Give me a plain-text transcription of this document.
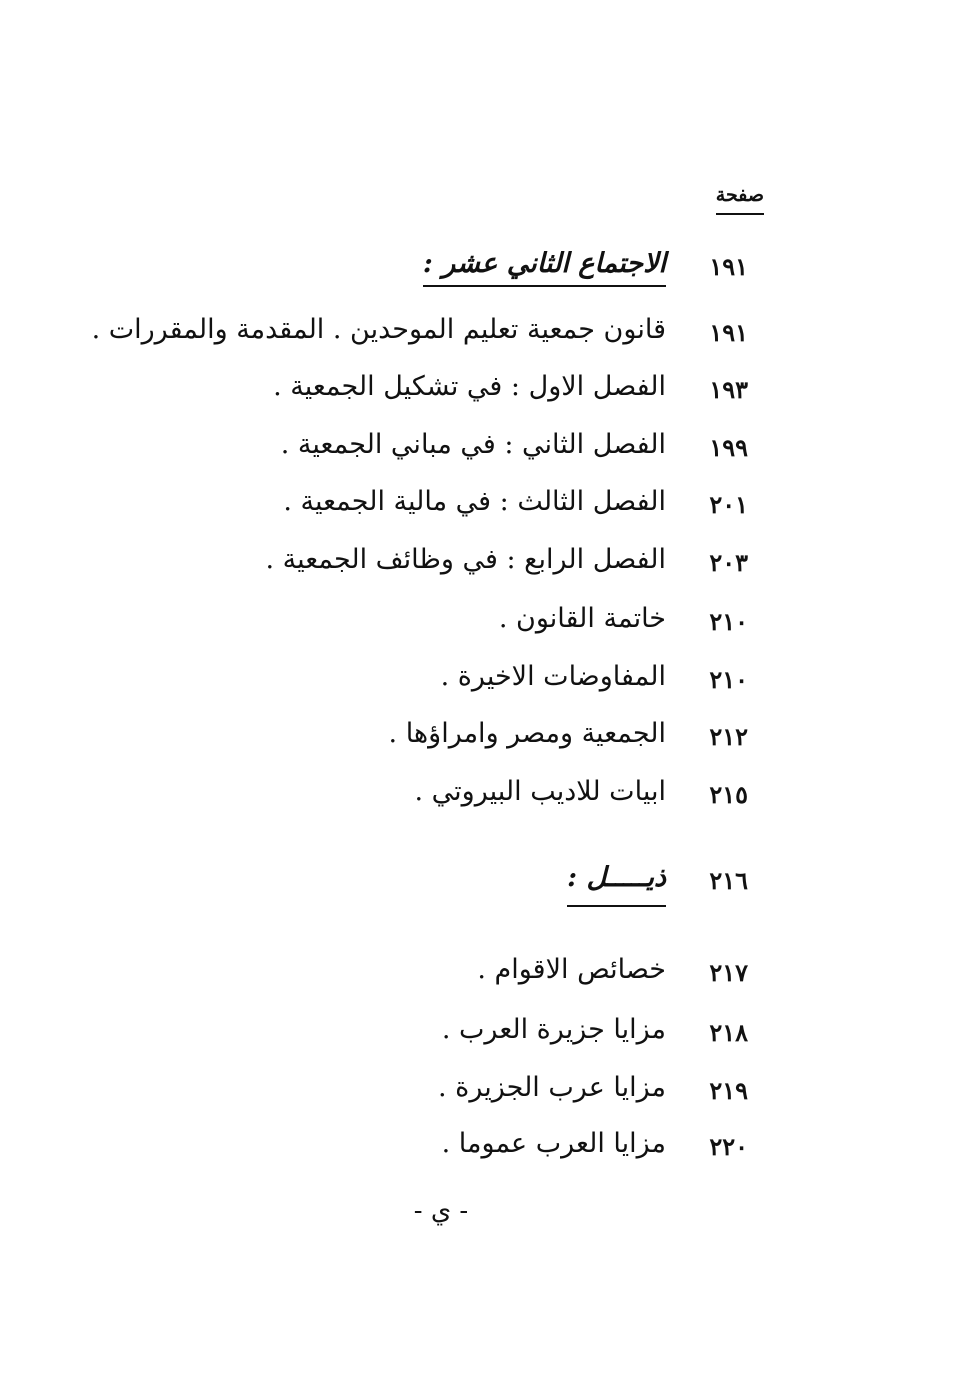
صفحة
١٩١
الاجتماع الثاني عشر :
١٩١
قانون جمعية تعليم الموحدين . المقدمة والمقررات .
١٩٣
الفصل الاول : في تشكيل الجمعية .
١٩٩
الفصل الثاني : في مباني الجمعية .
٢٠١
الفصل الثالث : في مالية الجمعية .
٢٠٣
الفصل الرابع : في وظائف الجمعية .
٢١٠
خاتمة القانون .
٢١٠
المفاوضات الاخيرة .
٢١٢
الجمعية ومصر وامراؤها .
٢١٥
ابيات للاديب البيروتي .
٢١٦
ذيـــــل :
٢١٧
خصائص الاقوام .
٢١٨
مزايا جزيرة العرب .
٢١٩
مزايا عرب الجزيرة .
٢٢٠
مزايا العرب عموما .
- ي -
